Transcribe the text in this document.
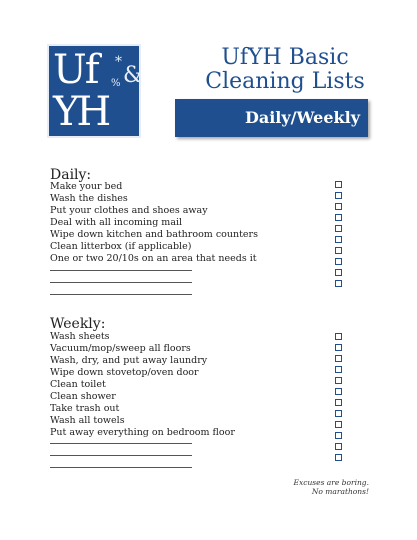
Uf *
&
%
YH
UfYH Basic
Cleaning Lists
Daily/Weekly
Daily:
Make your bed
Wash the dishes
Put your clothes and shoes away
Deal with all incoming mail
Wipe down kitchen and bathroom counters
Clean litterbox (if applicable)
One or two 20/10s on an area that needs it
Weekly:
Wash sheets
Vacuum/mop/sweep all floors
Wash, dry, and put away laundry
Wipe down stovetop/oven door
Clean toilet
Clean shower
Take trash out
Wash all towels
Put away everything on bedroom floor
Excuses are boring.
No marathons!
